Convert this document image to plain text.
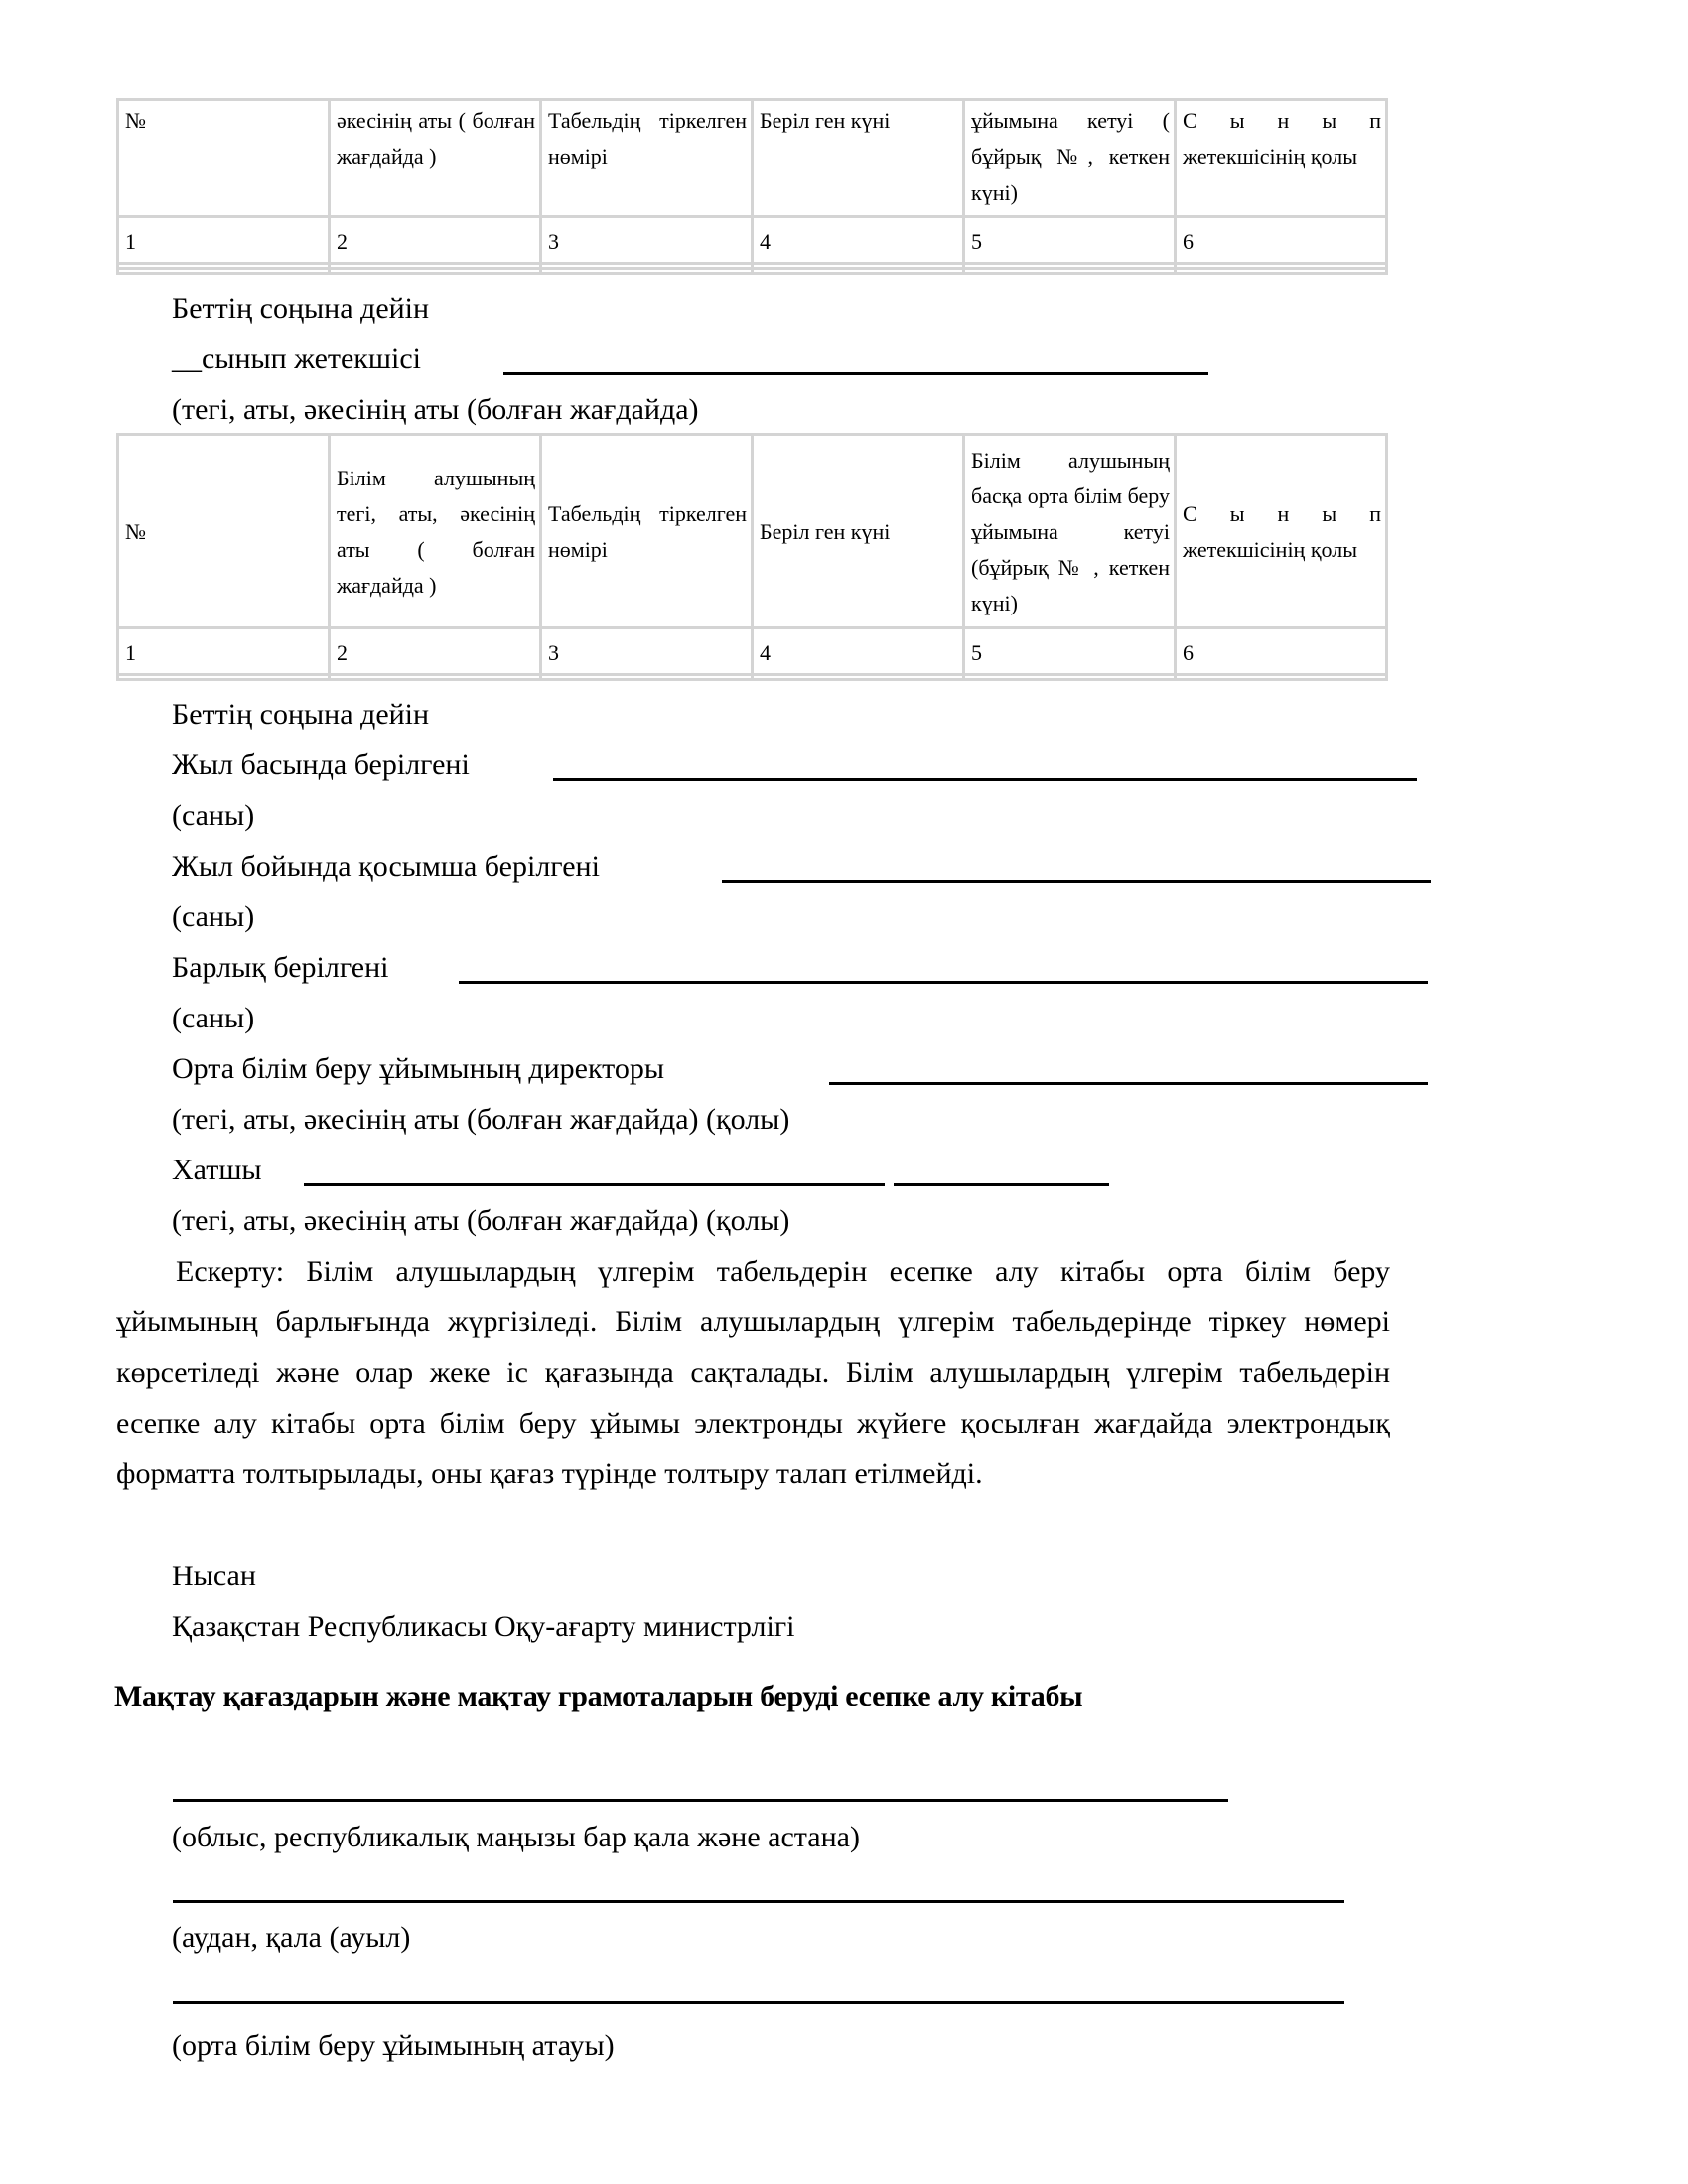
№	әкесінің аты ( болған жағдайда )	Табельдің тіркелген нөмірі	Берiл ген күнi	ұйымына кетуі ( бұйрық №, кеткен күні)	С ы н ы п жетекшісінің қолы
1	2	3	4	5	6

Беттің соңына дейін
__сынып жетекшісі
(тегі, аты, әкесінің аты (болған жағдайда)
№	Білім алушының тегі, аты, әкесінің аты ( болған жағдайда )	Табельдің тіркелген нөмірі	Берiл ген күнi	Білім алушының басқа орта білім беру ұйымына кетуі (бұйрық № , кеткен күні)	С ы н ы п жетекшісінің қолы
1	2	3	4	5	6

Беттің соңына дейін
Жыл басында берілгені
(саны)
Жыл бойында қосымша берілгені
(саны)
Барлық берілгені
(саны)
Орта білім беру ұйымының директоры
(тегі, аты, әкесінің аты (болған жағдайда) (қолы)
Хатшы
(тегі, аты, әкесінің аты (болған жағдайда) (қолы)
Ескерту: Білім алушылардың үлгерім табельдерін есепке алу кітабы орта білім беру ұйымының барлығында жүргізіледі. Білім алушылардың үлгерім табельдерінде тіркеу нөмері көрсетіледі және олар жеке іс қағазында сақталады. Білім алушылардың үлгерім табельдерін есепке алу кітабы орта білім беру ұйымы электронды жүйеге қосылған жағдайда электрондық форматта толтырылады, оны қағаз түрінде толтыру талап етілмейді.
Нысан
Қазақстан Республикасы Оқу-ағарту министрлігі
Мақтау қағаздарын және мақтау грамоталарын беруді есепке алу кітабы
(облыс, республикалық маңызы бар қала және астана)
(аудан, қала (ауыл)
(орта білім беру ұйымының атауы)
